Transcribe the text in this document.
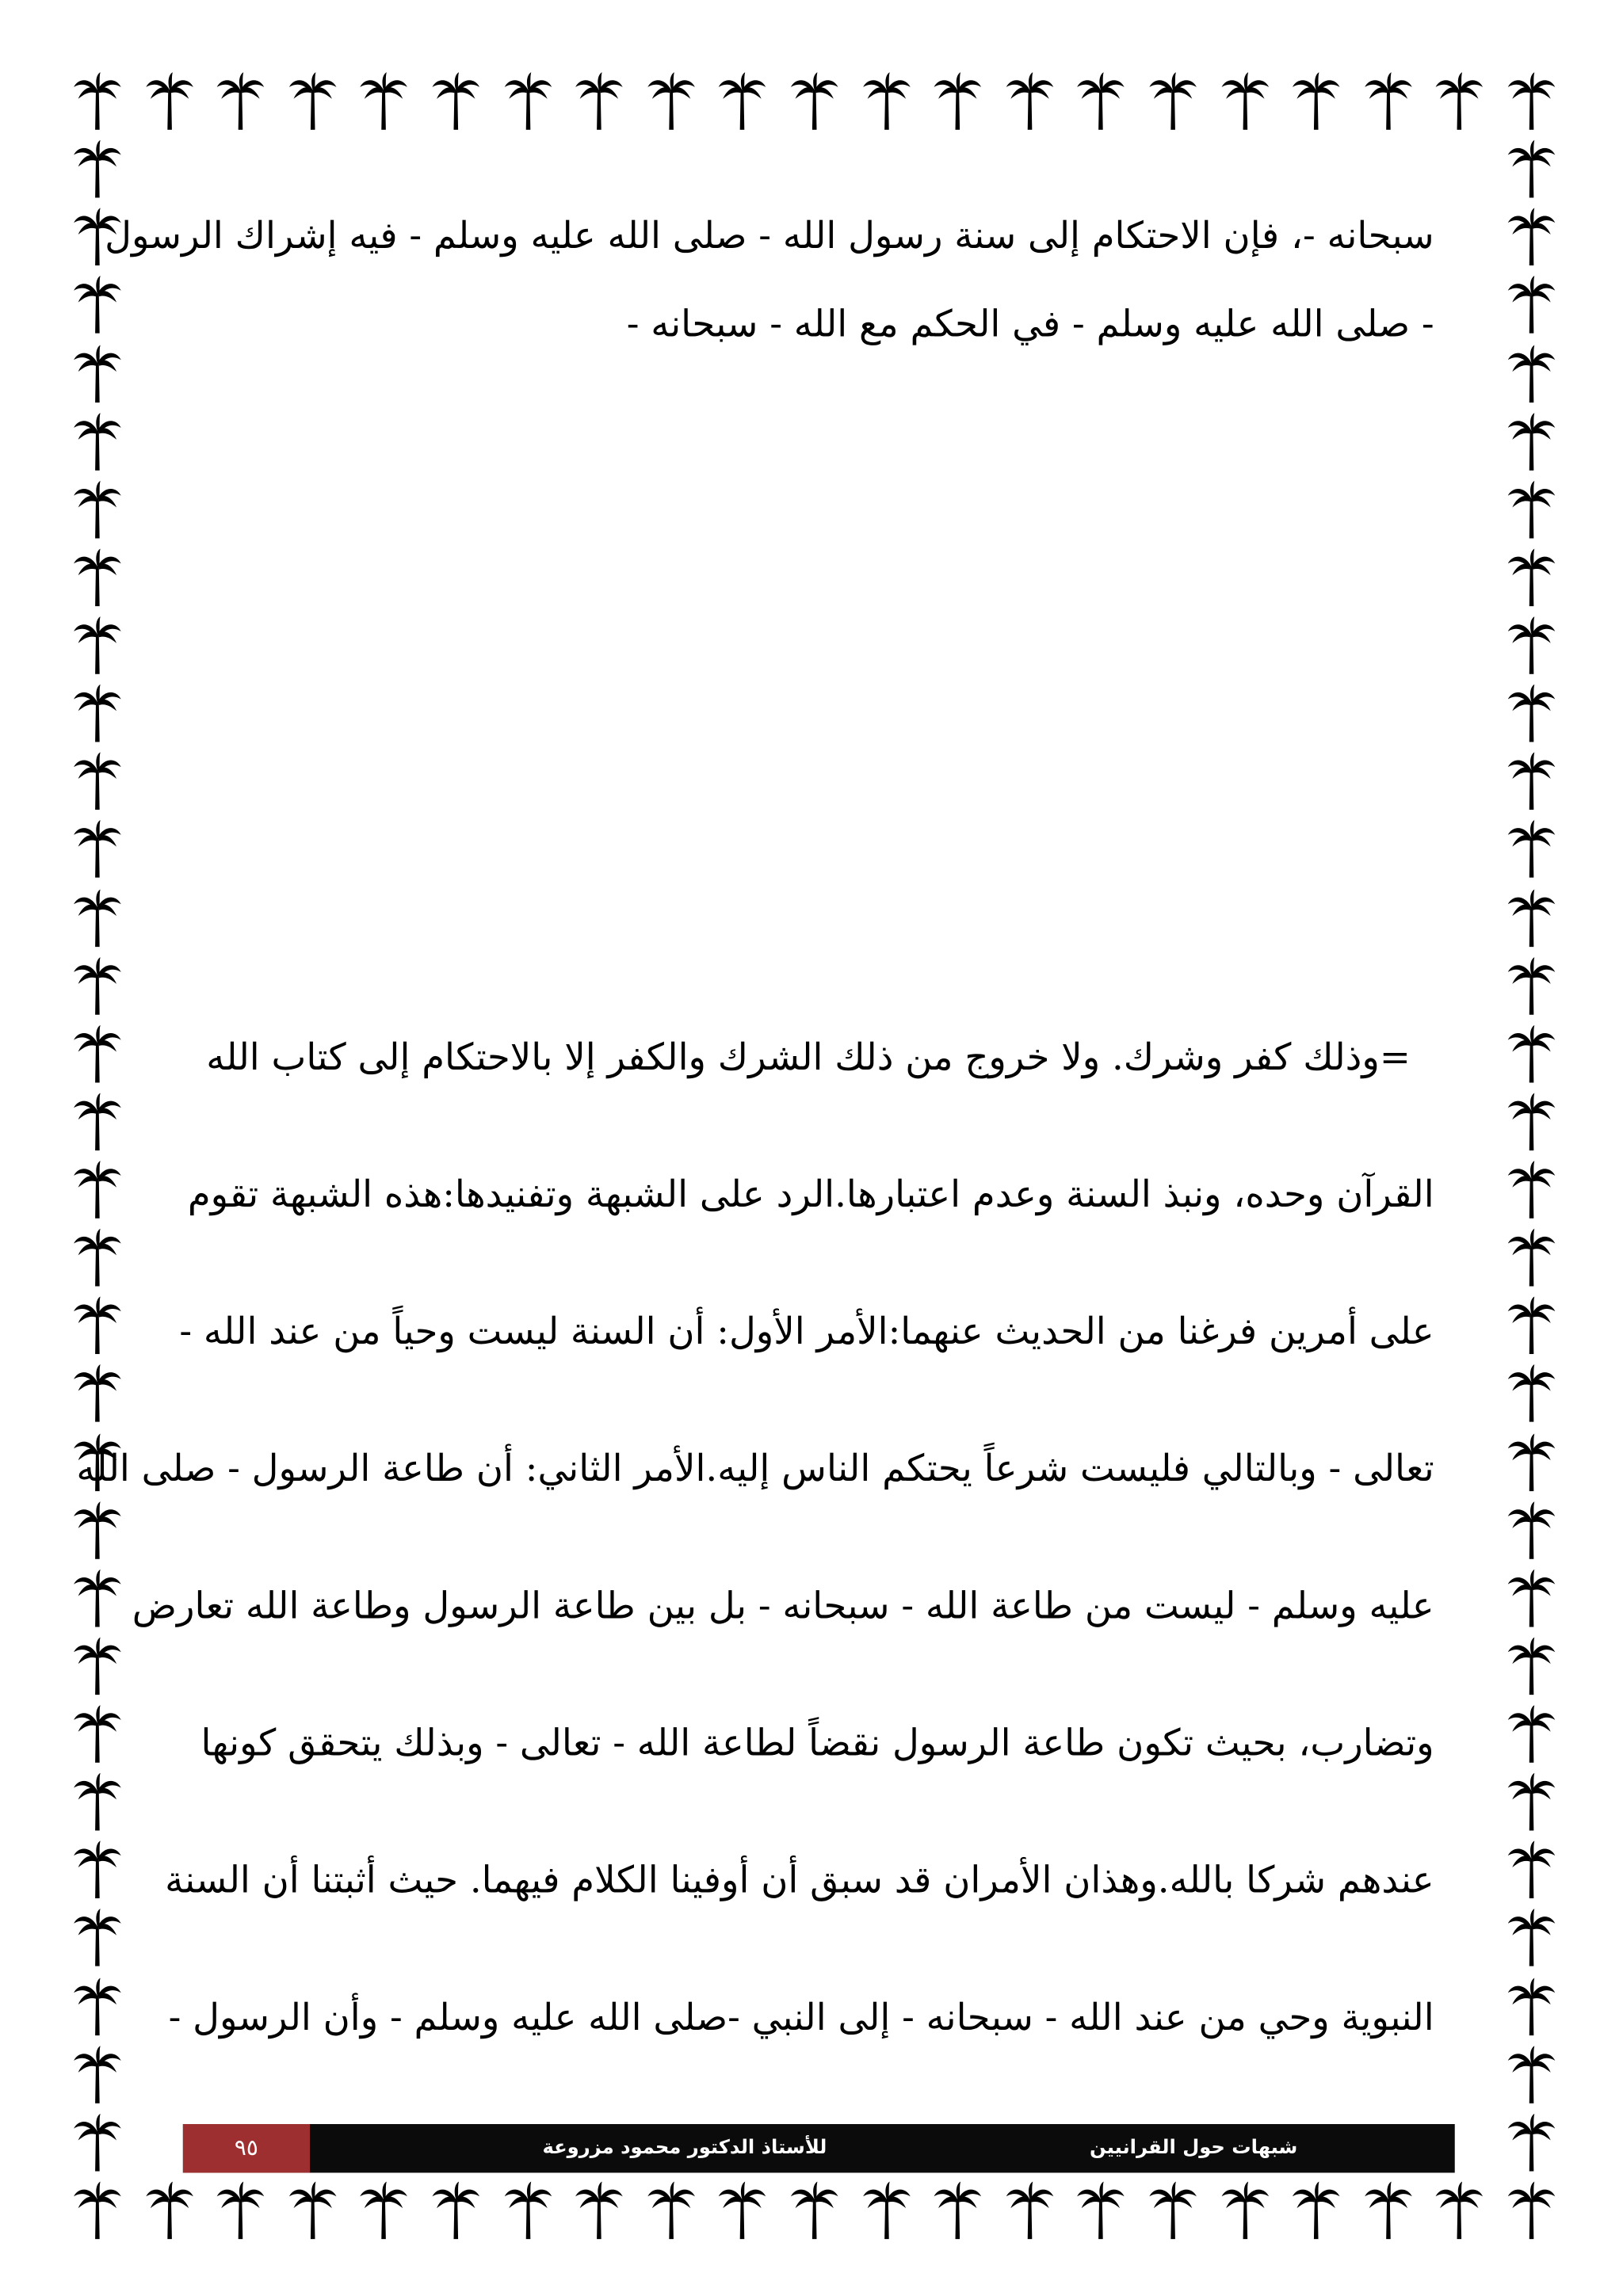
سبحانه -، فإن الاحتكام إلى سنة رسول الله - صلى الله عليه وسلم - فيه إشراك الرسول
- صلى الله عليه وسلم - في الحكم مع الله - سبحانه -
=وذلك كفر وشرك. ولا خروج من ذلك الشرك والكفر إلا بالاحتكام إلى كتاب الله
القرآن وحده، ونبذ السنة وعدم اعتبارها.الرد على الشبهة وتفنيدها:هذه الشبهة تقوم
على أمرين فرغنا من الحديث عنهما:الأمر الأول: أن السنة ليست وحياً من عند الله -
تعالى - وبالتالي فليست شرعاً يحتكم الناس إليه.الأمر الثاني: أن طاعة الرسول - صلى الله
عليه وسلم - ليست من طاعة الله - سبحانه - بل بين طاعة الرسول وطاعة الله تعارض
وتضارب، بحيث تكون طاعة الرسول نقضاً لطاعة الله - تعالى - وبذلك يتحقق كونها
عندهم شركا بالله.وهذان الأمران قد سبق أن أوفينا الكلام فيهما. حيث أثبتنا أن السنة
النبوية وحي من عند الله - سبحانه - إلى النبي -صلى الله عليه وسلم - وأن الرسول -
٩٥	للأستاذ الدكتور محمود مزروعة	شبهات حول القرانيين
